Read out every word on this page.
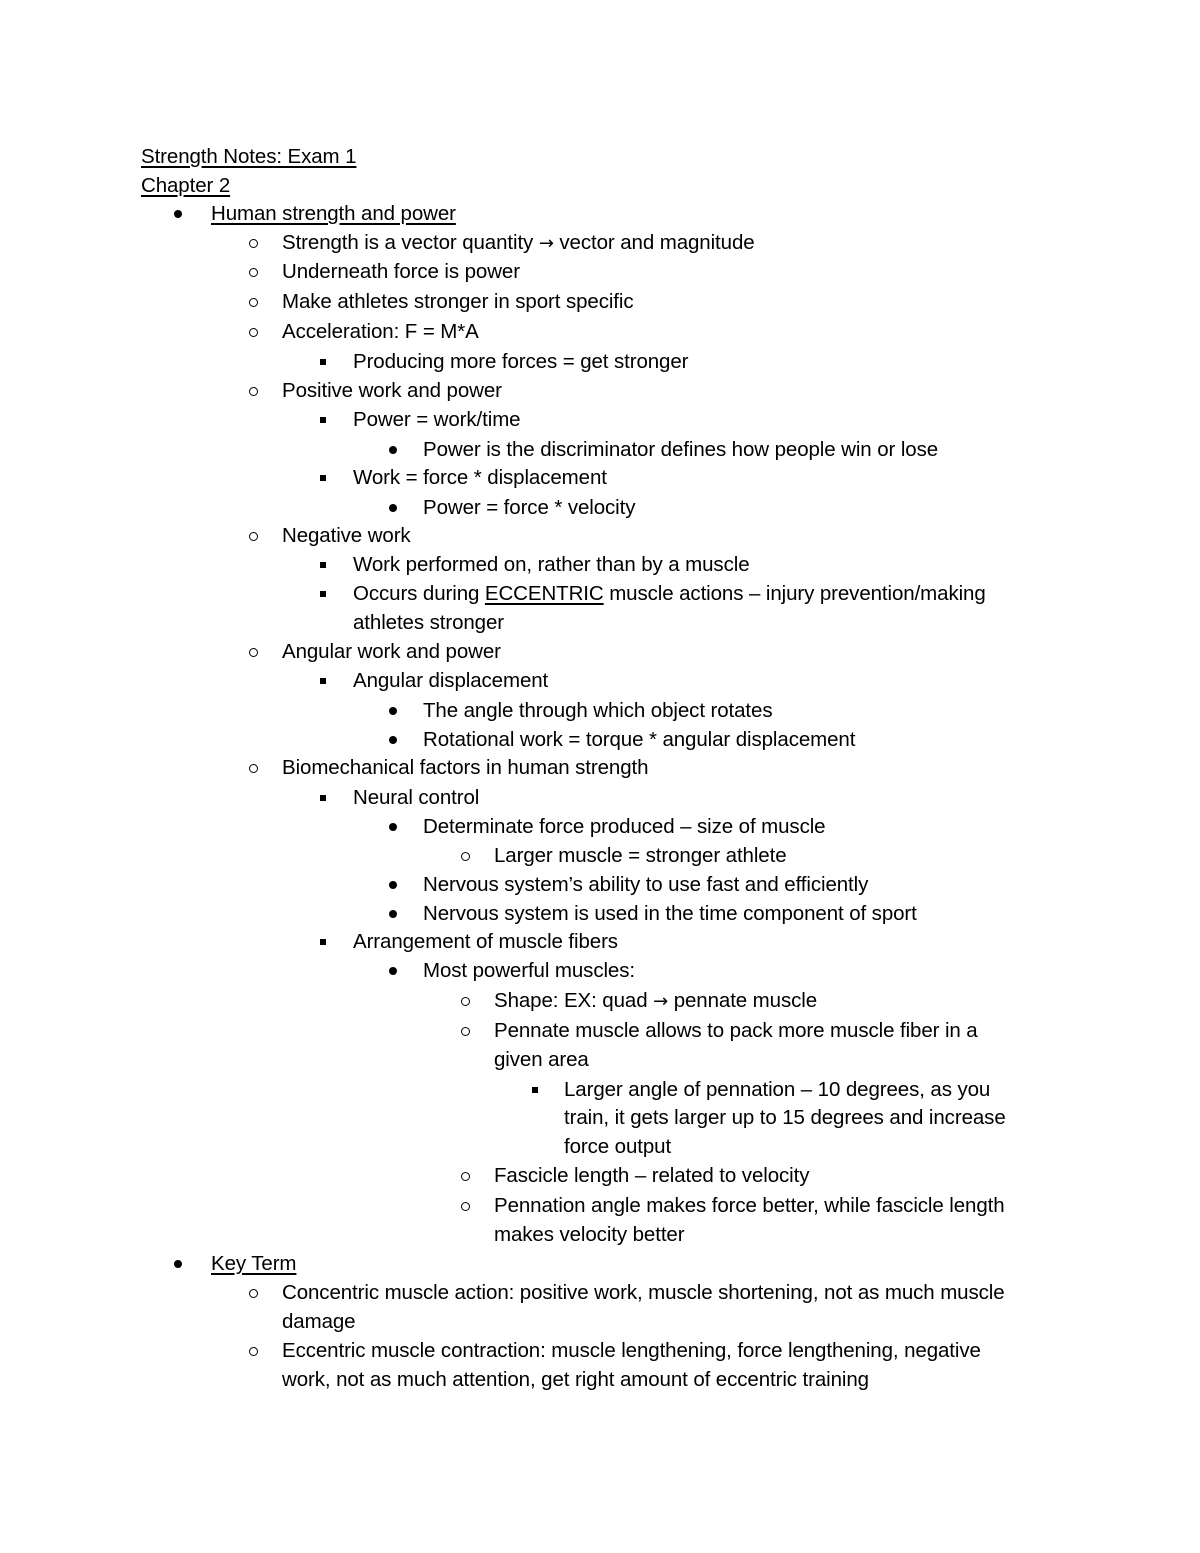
Strength Notes: Exam 1
Chapter 2
Human strength and power
Strength is a vector quantity → vector and magnitude
Underneath force is power
Make athletes stronger in sport specific
Acceleration: F = M*A
Producing more forces = get stronger
Positive work and power
Power = work/time
Power is the discriminator defines how people win or lose
Work = force * displacement
Power = force * velocity
Negative work
Work performed on, rather than by a muscle
Occurs during ECCENTRIC muscle actions – injury prevention/making
athletes stronger
Angular work and power
Angular displacement
The angle through which object rotates
Rotational work = torque * angular displacement
Biomechanical factors in human strength
Neural control
Determinate force produced – size of muscle
Larger muscle = stronger athlete
Nervous system’s ability to use fast and efficiently
Nervous system is used in the time component of sport
Arrangement of muscle fibers
Most powerful muscles:
Shape: EX: quad → pennate muscle
Pennate muscle allows to pack more muscle fiber in a
given area
Larger angle of pennation – 10 degrees, as you
train, it gets larger up to 15 degrees and increase
force output
Fascicle length – related to velocity
Pennation angle makes force better, while fascicle length
makes velocity better
Key Term
Concentric muscle action: positive work, muscle shortening, not as much muscle
damage
Eccentric muscle contraction: muscle lengthening, force lengthening, negative
work, not as much attention, get right amount of eccentric training
